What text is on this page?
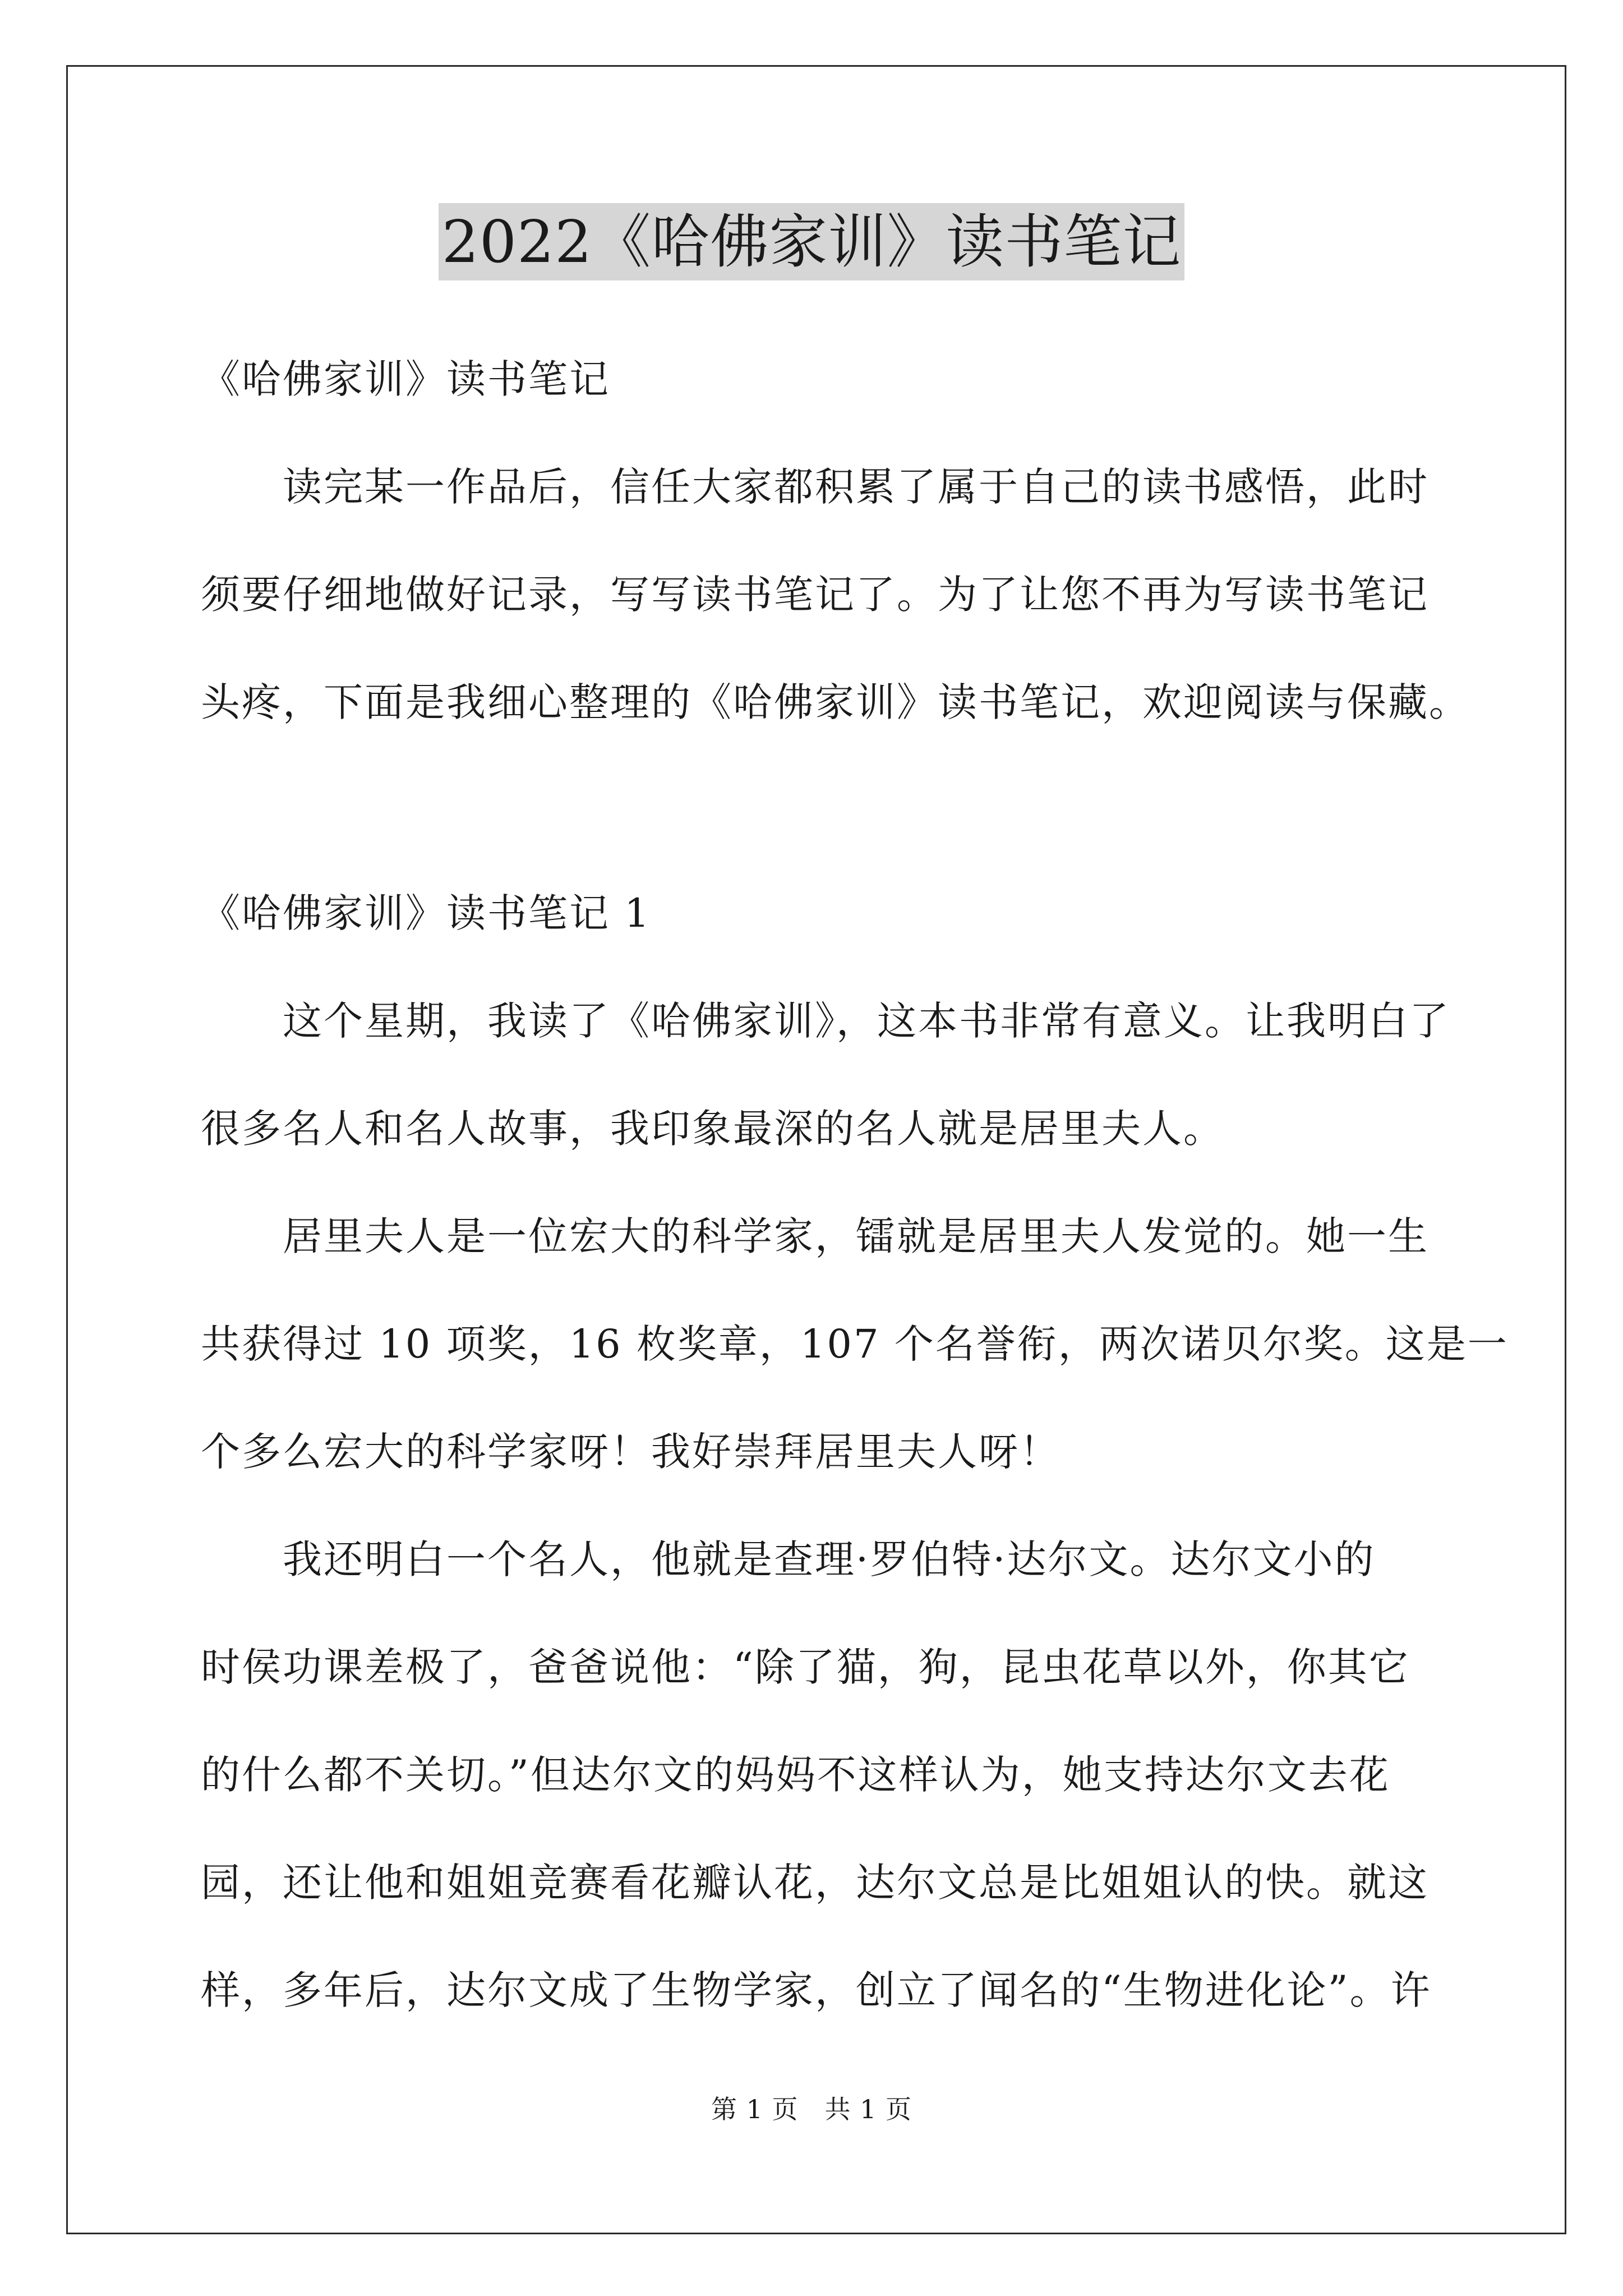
2022《哈佛家训》读书笔记
《哈佛家训》读书笔记
读完某一作品后，信任大家都积累了属于自己的读书感悟，此时
须要仔细地做好记录，写写读书笔记了。为了让您不再为写读书笔记
头疼，下面是我细心整理的《哈佛家训》读书笔记，欢迎阅读与保藏。
《哈佛家训》读书笔记 1
这个星期，我读了《哈佛家训》，这本书非常有意义。让我明白了
很多名人和名人故事，我印象最深的名人就是居里夫人。
居里夫人是一位宏大的科学家，镭就是居里夫人发觉的。她一生
共获得过 10 项奖，16 枚奖章，107 个名誉衔，两次诺贝尔奖。这是一
个多么宏大的科学家呀！我好崇拜居里夫人呀！
我还明白一个名人，他就是查理·罗伯特·达尔文。达尔文小的
时侯功课差极了，爸爸说他：“除了猫，狗，昆虫花草以外，你其它
的什么都不关切。”但达尔文的妈妈不这样认为，她支持达尔文去花
园，还让他和姐姐竞赛看花瓣认花，达尔文总是比姐姐认的快。就这
样，多年后，达尔文成了生物学家，创立了闻名的“生物进化论”。许
第 1 页　共 1 页
